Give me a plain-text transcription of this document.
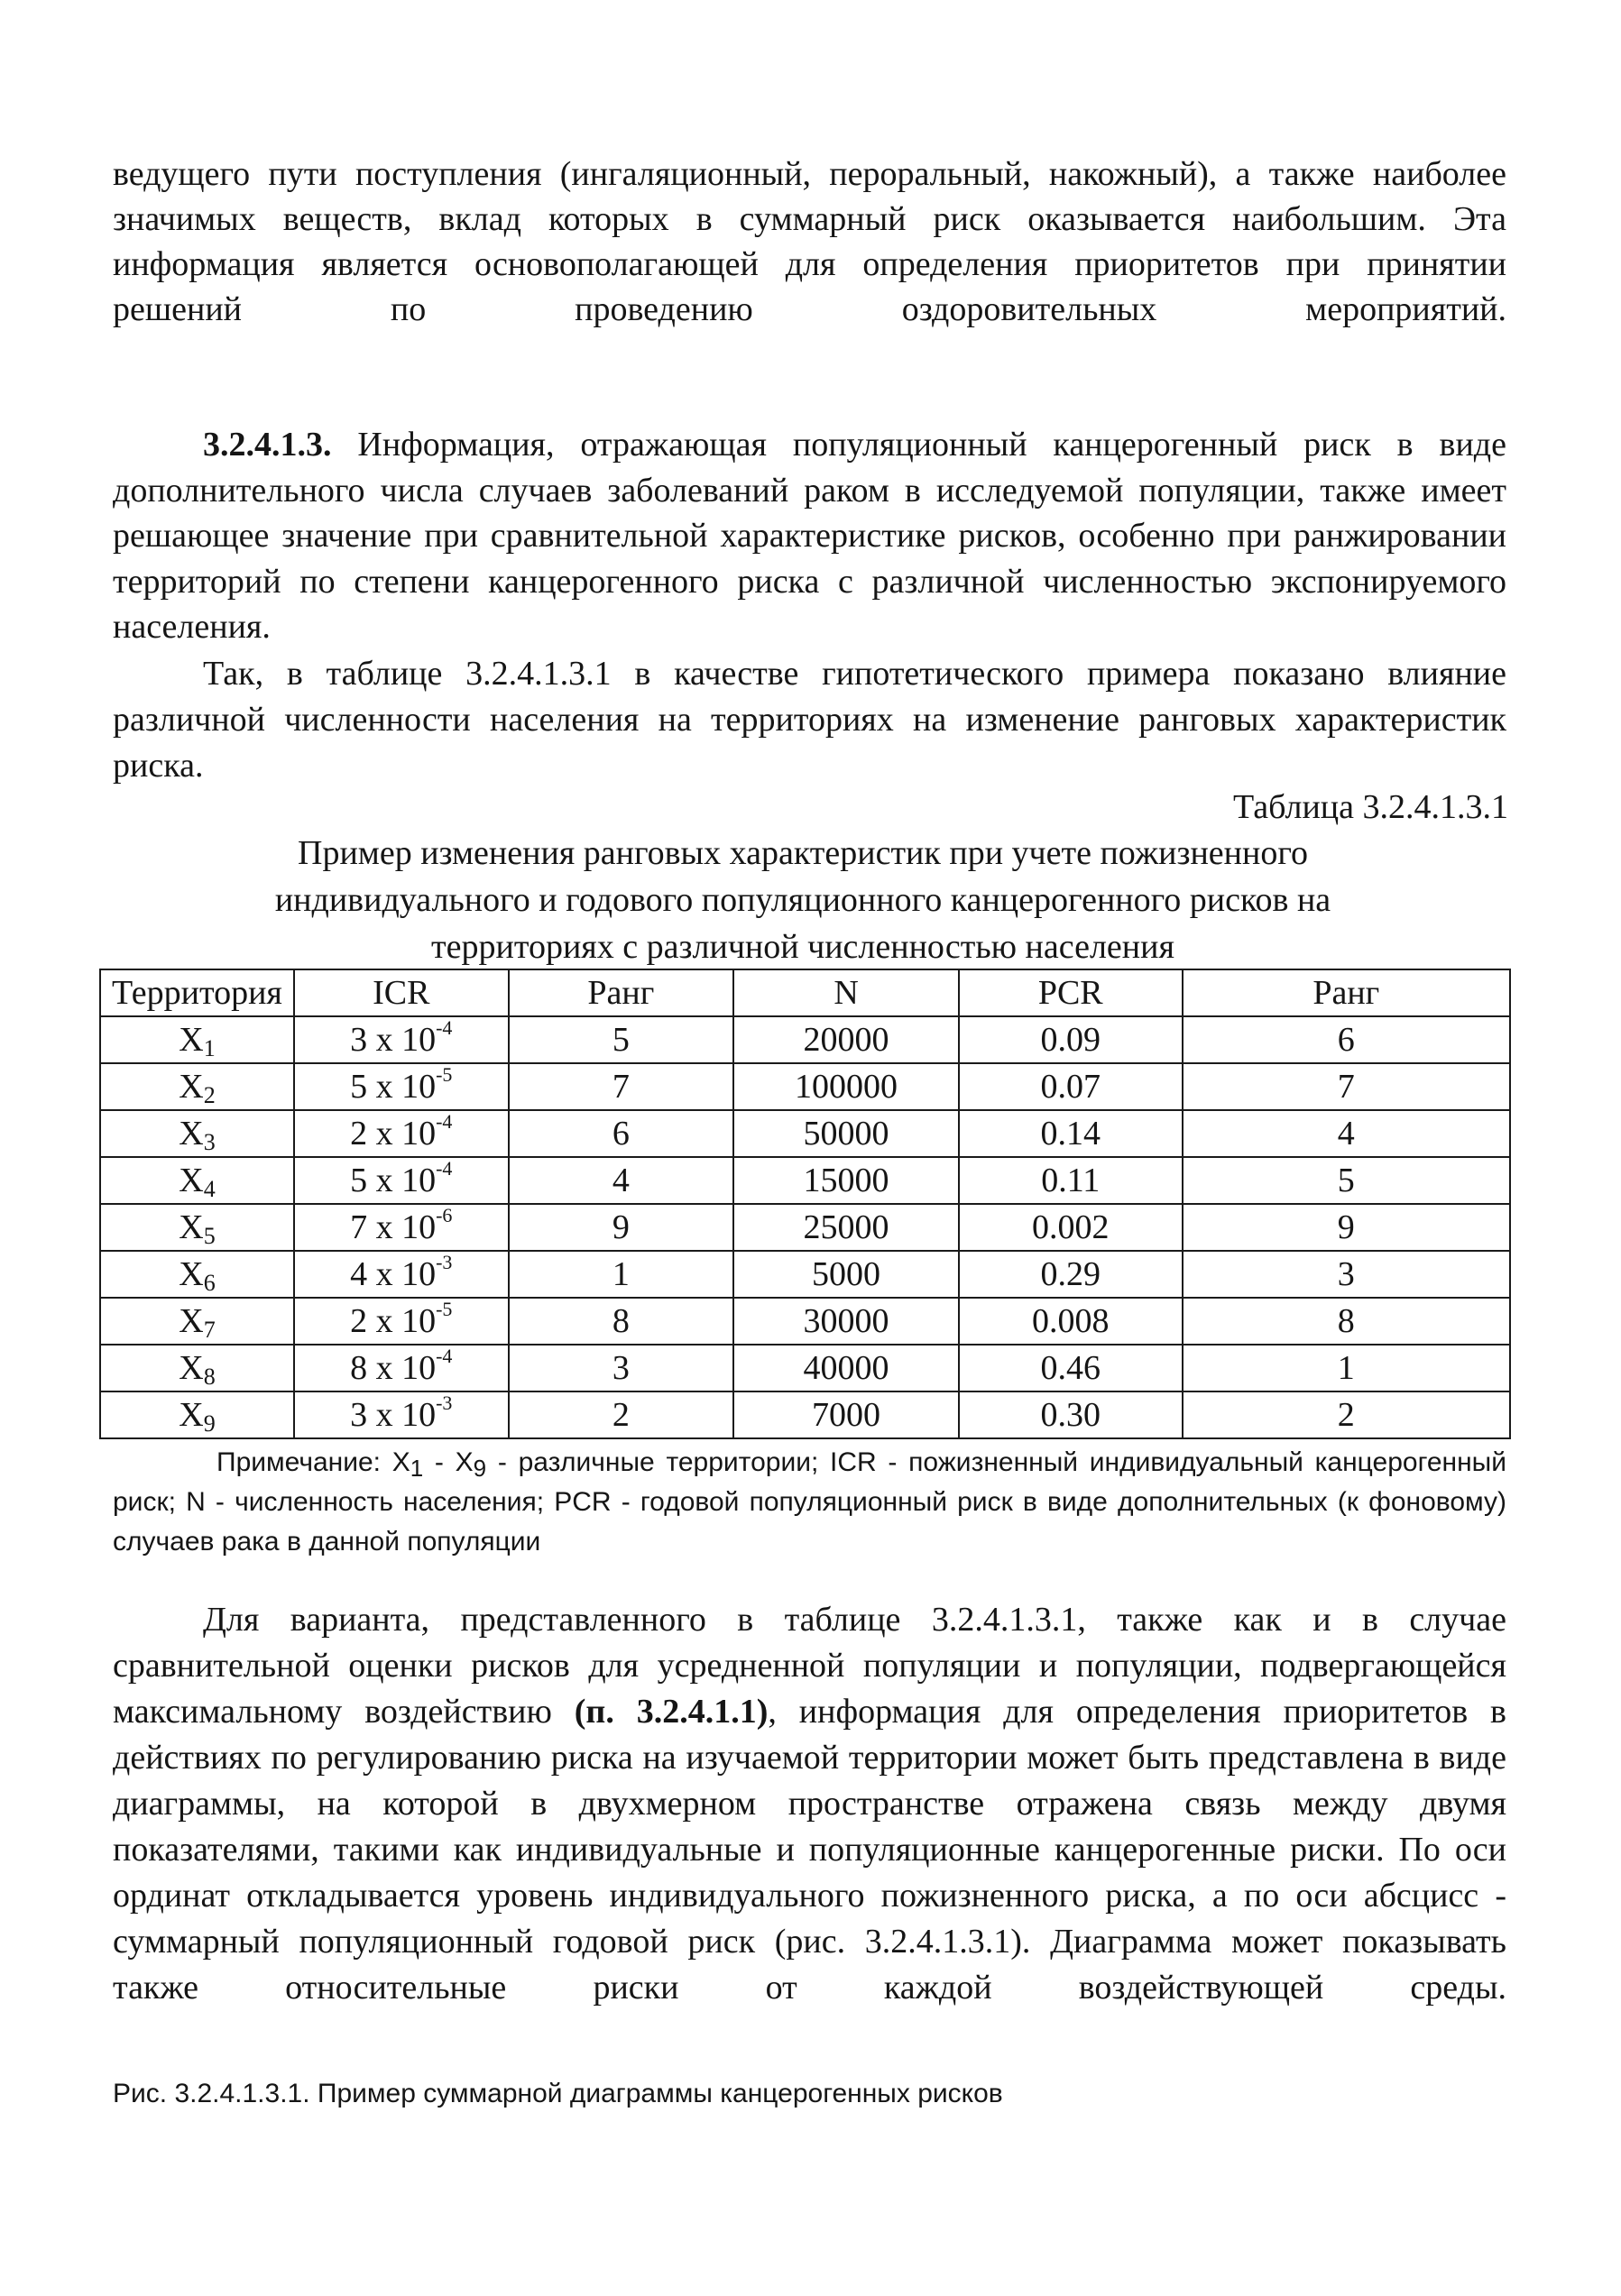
ведущего пути поступления (ингаляционный, пероральный, накожный), а также наиболее значимых веществ, вклад которых в суммарный риск оказывается наибольшим. Эта информация является основополагающей для определения приоритетов при принятии решений по проведению оздоровительных мероприятий.
3.2.4.1.3. Информация, отражающая популяционный канцерогенный риск в виде дополнительного числа случаев заболеваний раком в исследуемой популяции, также имеет решающее значение при сравнительной характеристике рисков, особенно при ранжировании территорий по степени канцерогенного риска с различной численностью экспонируемого населения.
Так, в таблице 3.2.4.1.3.1 в качестве гипотетического примера показано влияние различной численности населения на территориях на изменение ранговых характеристик риска.
Таблица 3.2.4.1.3.1
Пример изменения ранговых характеристик при учете пожизненного индивидуального и годового популяционного канцерогенного рисков на территориях с различной численностью населения
Территория	ICR	Ранг	N	PCR	Ранг
$X_1$	3 x $10^{-4}$	5	20000	0.09	6
$X_2$	5 x $10^{-5}$	7	100000	0.07	7
$X_3$	2 x $10^{-4}$	6	50000	0.14	4
$X_4$	5 x $10^{-4}$	4	15000	0.11	5
$X_5$	7 x $10^{-6}$	9	25000	0.002	9
$X_6$	4 x $10^{-3}$	1	5000	0.29	3
$X_7$	2 x $10^{-5}$	8	30000	0.008	8
$X_8$	8 x $10^{-4}$	3	40000	0.46	1
$X_9$	3 x $10^{-3}$	2	7000	0.30	2
Примечание: $X_1 - X_9$ - различные территории; ICR - пожизненный индивидуальный канцерогенный риск; N - численность населения; PCR - годовой популяционный риск в виде дополнительных (к фоновому) случаев рака в данной популяции
Для варианта, представленного в таблице 3.2.4.1.3.1, также как и в случае сравнительной оценки рисков для усредненной популяции и популяции, подвергающейся максимальному воздействию (п. 3.2.4.1.1), информация для определения приоритетов в действиях по регулированию риска на изучаемой территории может быть представлена в виде диаграммы, на которой в двухмерном пространстве отражена связь между двумя показателями, такими как индивидуальные и популяционные канцерогенные риски. По оси ординат откладывается уровень индивидуального пожизненного риска, а по оси абсцисс - суммарный популяционный годовой риск (рис. 3.2.4.1.3.1). Диаграмма может показывать также относительные риски от каждой воздействующей среды.
Рис. 3.2.4.1.3.1. Пример суммарной диаграммы канцерогенных рисков
